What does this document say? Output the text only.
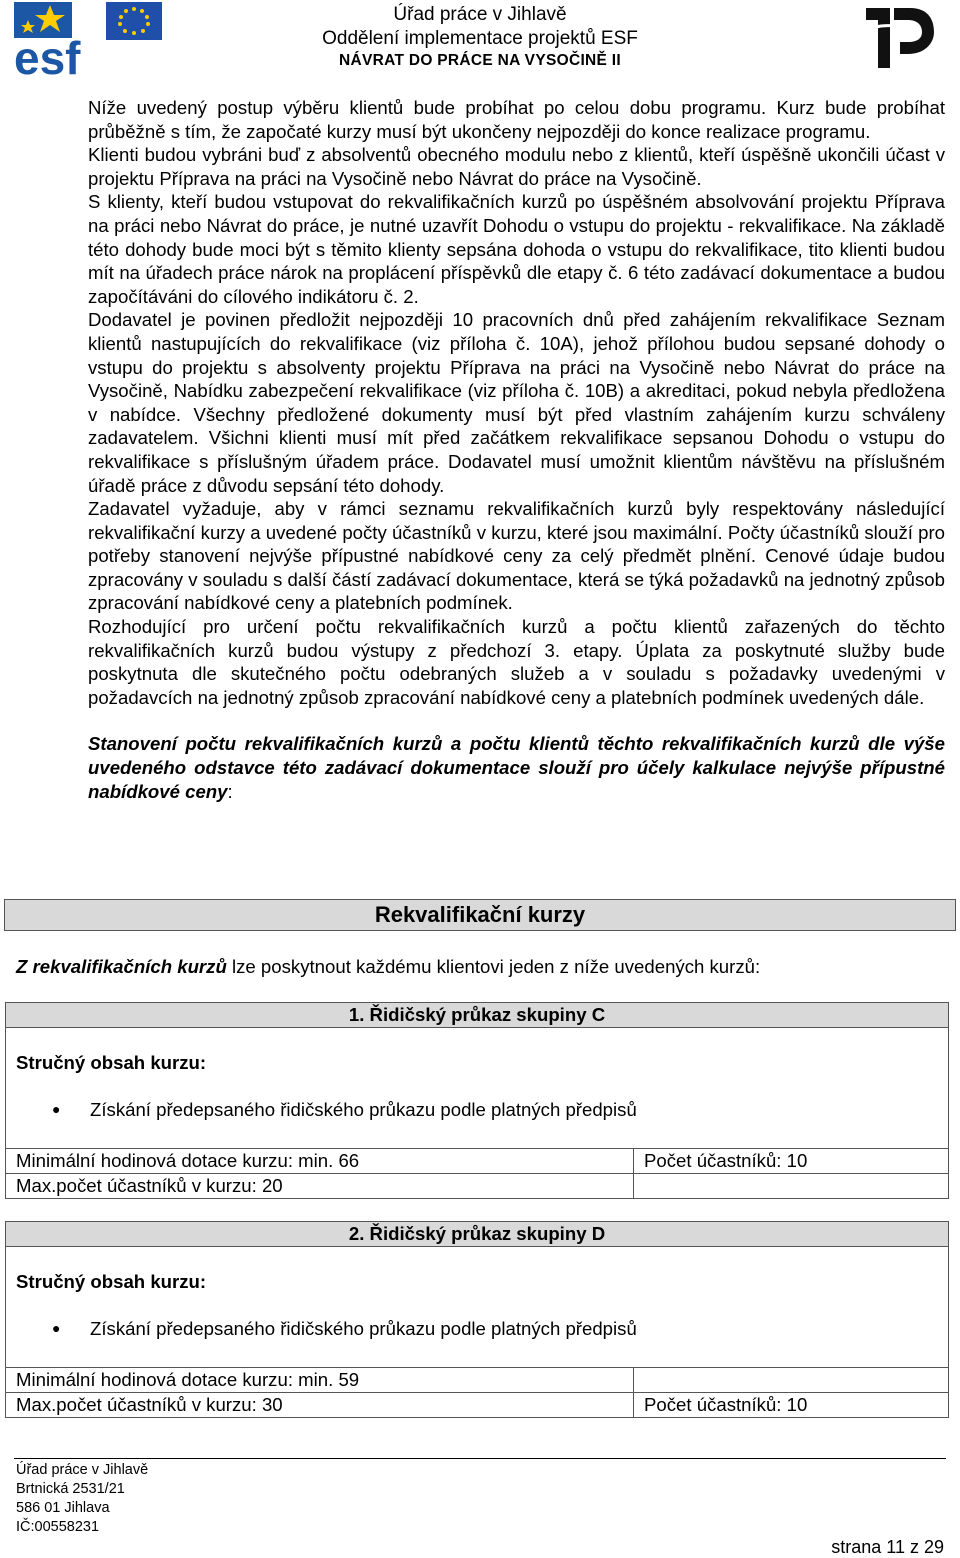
esf
Úřad práce v Jihlavě
Oddělení implementace projektů ESF
NÁVRAT DO PRÁCE NA VYSOČINĚ II

Níže uvedený postup výběru klientů bude probíhat po celou dobu programu. Kurz bude probíhat průběžně s tím, že započaté kurzy musí být ukončeny nejpozději do konce realizace programu.

Klienti budou vybráni buď z absolventů obecného modulu nebo z klientů, kteří úspěšně ukončili účast v projektu Příprava na práci na Vysočině nebo Návrat do práce na Vysočině.

S klienty, kteří budou vstupovat do rekvalifikačních kurzů po úspěšném absolvování projektu Příprava na práci nebo Návrat do práce, je nutné uzavřít Dohodu o vstupu do projektu - rekvalifikace. Na základě této dohody bude moci být s těmito klienty sepsána dohoda o vstupu do rekvalifikace, tito klienti budou mít na úřadech práce nárok na proplácení příspěvků dle etapy č. 6 této zadávací dokumentace a budou započítáváni do cílového indikátoru č. 2.

Dodavatel je povinen předložit nejpozději 10 pracovních dnů před zahájením rekvalifikace Seznam klientů nastupujících do rekvalifikace (viz příloha č. 10A), jehož přílohou budou sepsané dohody o vstupu do projektu s absolventy projektu Příprava na práci na Vysočině nebo Návrat do práce na Vysočině, Nabídku zabezpečení rekvalifikace (viz příloha č. 10B) a akreditaci, pokud nebyla předložena v nabídce. Všechny předložené dokumenty musí být před vlastním zahájením kurzu schváleny zadavatelem. Všichni klienti musí mít před začátkem rekvalifikace sepsanou Dohodu o vstupu do rekvalifikace s příslušným úřadem práce. Dodavatel musí umožnit klientům návštěvu na příslušném úřadě práce z důvodu sepsání této dohody.

Zadavatel vyžaduje, aby v rámci seznamu rekvalifikačních kurzů byly respektovány následující rekvalifikační kurzy a uvedené počty účastníků v kurzu, které jsou maximální. Počty účastníků slouží pro potřeby stanovení nejvýše přípustné nabídkové ceny za celý předmět plnění. Cenové údaje budou zpracovány v souladu s další částí zadávací dokumentace, která se týká požadavků na jednotný způsob zpracování nabídkové ceny a platebních podmínek.

Rozhodující pro určení počtu rekvalifikačních kurzů a počtu klientů zařazených do těchto rekvalifikačních kurzů budou výstupy z předchozí 3. etapy. Úplata za poskytnuté služby bude poskytnuta dle skutečného počtu odebraných služeb a v souladu s požadavky uvedenými v požadavcích na jednotný způsob zpracování nabídkové ceny a platebních podmínek uvedených dále.

Stanovení počtu rekvalifikačních kurzů a počtu klientů těchto rekvalifikačních kurzů dle výše uvedeného odstavce této zadávací dokumentace slouží pro účely kalkulace nejvýše přípustné nabídkové ceny:

Rekvalifikační kurzy
Z rekvalifikačních kurzů lze poskytnout každému klientovi jeden z níže uvedených kurzů:
1. Řidičský průkaz skupiny C
Stručný obsah kurzu:
● Získání předepsaného řidičského průkazu podle platných předpisů
Minimální hodinová dotace kurzu: min. 66	Počet účastníků: 10
Max.počet účastníků v kurzu: 20
2. Řidičský průkaz skupiny D
Stručný obsah kurzu:
● Získání předepsaného řidičského průkazu podle platných předpisů
Minimální hodinová dotace kurzu: min. 59
Max.počet účastníků v kurzu: 30	Počet účastníků: 10
Úřad práce v Jihlavě
Brtnická 2531/21
586 01 Jihlava
IČ:00558231
strana 11 z 29
